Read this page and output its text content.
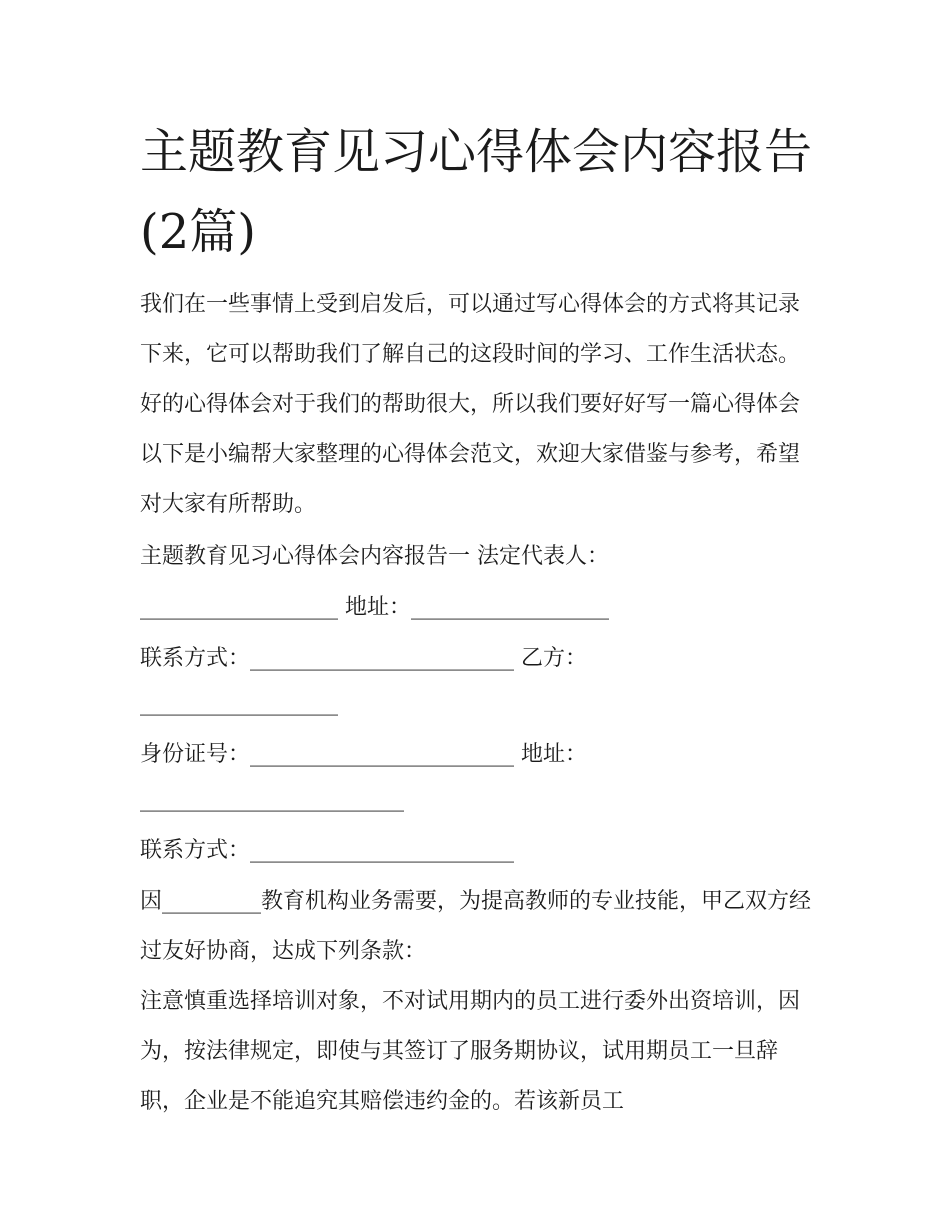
主题教育见习心得体会内容报告(2篇)

我们在一些事情上受到启发后，可以通过写心得体会的方式将其记录下来，它可以帮助我们了解自己的这段时间的学习、工作生活状态。好的心得体会对于我们的帮助很大，所以我们要好好写一篇心得体会以下是小编帮大家整理的心得体会范文，欢迎大家借鉴与参考，希望对大家有所帮助。

主题教育见习心得体会内容报告一 法定代表人：

__________________ 地址：__________________

联系方式：________________________ 乙方：

__________________

身份证号：________________________ 地址：

________________________

联系方式：________________________

因_________教育机构业务需要，为提高教师的专业技能，甲乙双方经过友好协商，达成下列条款：

注意慎重选择培训对象，不对试用期内的员工进行委外出资培训，因为，按法律规定，即使与其签订了服务期协议，试用期员工一旦辞职，企业是不能追究其赔偿违约金的。若该新员工
